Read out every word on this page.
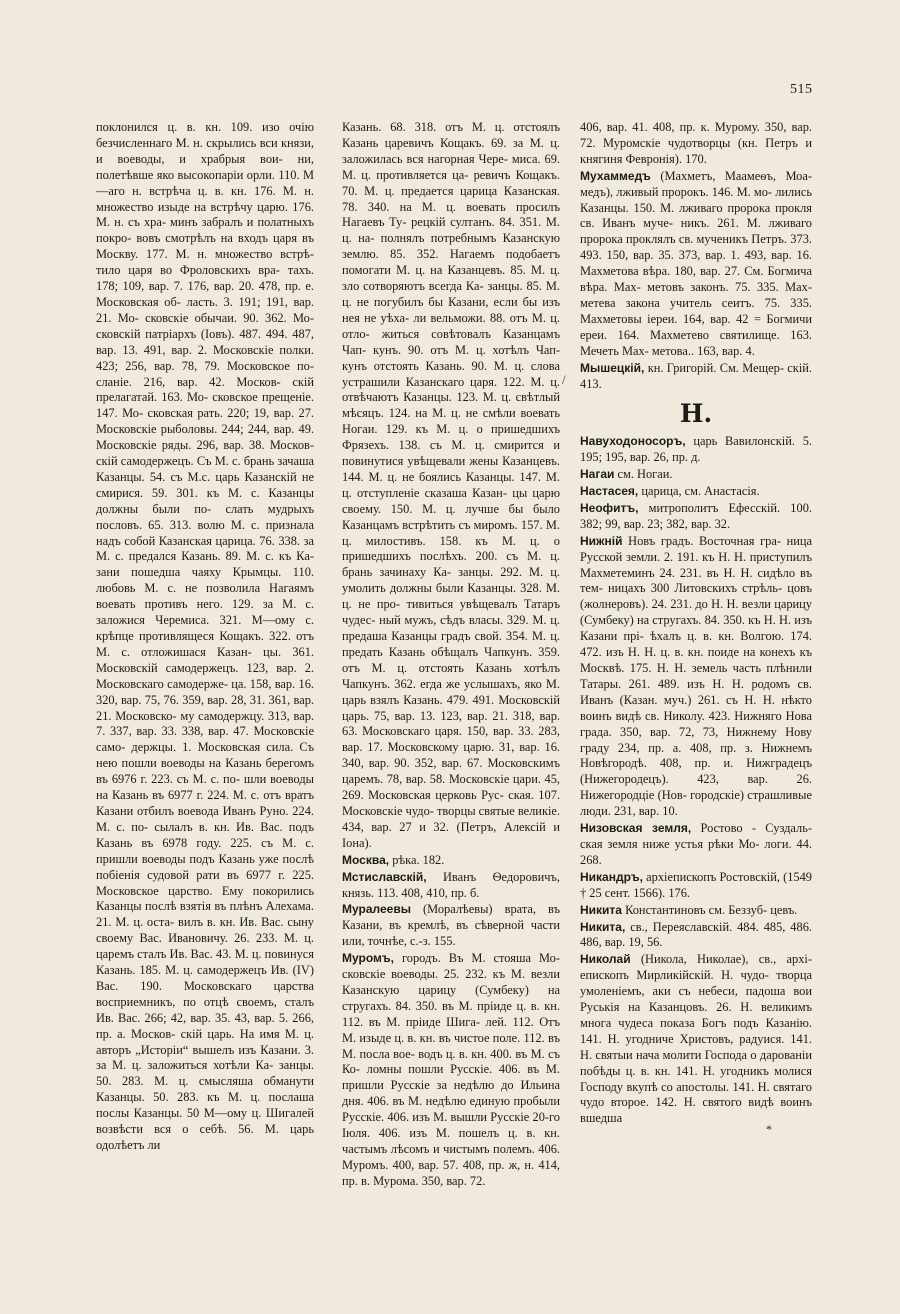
515

поклонился ц. в. кн. 109. изо очію безчисленнаго М. н. скрылись вси князи, и воеводы, и храбрыя вои- ни, полетѣвше яко высокопаріи орли. 110. М—аго н. встрѣча ц. в. кн. 176. М. н. множество изыде на встрѣчу царю. 176. М. н. съ хра- минъ забралъ и полатныхъ покро- вовъ смотрѣлъ на входъ царя въ Москву. 177. М. н. множество встрѣ- тило царя во Фроловскихъ вра- тахъ. 178; 109, вар. 7. 176, вар. 20. 478, пр. е. Московская об- ласть. 3. 191; 191, вар. 21. Мо- сковскіе обычаи. 90. 362. Мо- сковскій патріархъ (Іовъ). 487. 494. 487, вар. 13. 491, вар. 2. Московскіе полки. 423; 256, вар. 78, 79. Московское по- сланіе. 216, вар. 42. Москов- скій прелагатай. 163. Мо- сковское прещеніе. 147. Мо- сковская рать. 220; 19, вар. 27. Московскіе рыболовы. 244; 244, вар. 49. Московскіе ряды. 296, вар. 38. Москов- скій самодержецъ. Съ М. с. брань зачаша Казанцы. 54. съ М.с. царь Казанскій не смирися. 59. 301. къ М. с. Казанцы должны были по- слать мудрыхъ пословъ. 65. 313. волю М. с. признала надъ собой Казанская царица. 76. 338. за М. с. предался Казань. 89. М. с. къ Ка- зани пошедша чаяху Крымцы. 110. любовь М. с. не позволила Нагаямъ воевать противъ него. 129. за М. с. заложися Черемиса. 321. М—ому с. крѣпце противлящеся Кощакъ. 322. отъ М. с. отложишася Казан- цы. 361. Московскій самодержецъ. 123, вар. 2. Московскаго самодерже- ца. 158, вар. 16. 320, вар. 75, 76. 359, вар. 28, 31. 361, вар. 21. Московско- му самодержцу. 313, вар. 7. 337, вар. 33. 338, вар. 47. Московскіе само- держцы. 1. Московская сила. Съ нею пошли воеводы на Казань берегомъ въ 6976 г. 223. съ М. с. по- шли воеводы на Казань въ 6977 г. 224. М. с. отъ вратъ Казани отбилъ воевода Иванъ Руно. 224. М. с. по- сылалъ в. кн. Ив. Вас. подъ Казань въ 6978 году. 225. съ М. с. пришли воеводы подъ Казань уже послѣ побіенія судовой рати въ 6977 г. 225. Московское царство. Ему покорились Казанцы послѣ взятія въ плѣнъ Алехама. 21. М. ц. оста- вилъ в. кн. Ив. Вас. сыну своему Вас. Ивановичу. 26. 233. М. ц. царемъ сталъ Ив. Вас. 43. М. ц. повинуся Казань. 185. М. ц. самодержецъ Ив. (IV) Вас. 190. Московскаго царства восприемникъ, по отцѣ своемъ, сталъ Ив. Вас. 266; 42, вар. 35. 43, вар. 5. 266, пр. а. Москов- скій царь. На имя М. ц. авторъ „Исторіи“ вышелъ изъ Казани. 3. за М. ц. заложиться хотѣли Ка- занцы. 50. 283. М. ц. смысляша обманути Казанцы. 50. 283. къ М. ц. послаша послы Казанцы. 50 М—ому ц. Шигалей возвѣсти вся о себѣ. 56. М. царь одолѣетъ ли

Казань. 68. 318. отъ М. ц. отстоялъ Казань царевичъ Кощакъ. 69. за М. ц. заложилась вся нагорная Чере- миса. 69. М. ц. противляется ца- ревичъ Кощакъ. 70. М. ц. предается царица Казанская. 78. 340. на М. ц. воевать просилъ Нагаевъ Ту- рецкій султанъ. 84. 351. М. ц. на- полнялъ потребнымъ Казанскую землю. 85. 352. Нагаемъ подобаетъ помогати М. ц. на Казанцевъ. 85. М. ц. зло сотворяютъ всегда Ка- занцы. 85. М. ц. не погубилъ бы Казани, если бы изъ нея не уѣха- ли вельможи. 88. отъ М. ц. отло- житься совѣтовалъ Казанцамъ Чап- кунъ. 90. отъ М. ц. хотѣлъ Чап- кунъ отстоять Казань. 90. М. ц. слова устрашили Казанскаго царя. 122. М. ц. отвѣчаютъ Казанцы. 123. М. ц. свѣтлый мѣсяцъ. 124. на М. ц. не смѣли воевать Ногаи. 129. къ М. ц. о пришедшихъ Фрязехъ. 138. съ М. ц. смирится и повинутися увѣщевали жены Казанцевъ. 144. М. ц. не боялись Казанцы. 147. М. ц. отступленіе сказаша Казан- цы царю своему. 150. М. ц. лучше бы было Казанцамъ встрѣтить съ миромъ. 157. М. ц. милостивъ. 158. къ М. ц. о пришедшихъ послѣхъ. 200. съ М. ц. брань зачинаху Ка- занцы. 292. М. ц. умолить должны были Казанцы. 328. М. ц. не про- тивиться увѣщевалъ Татаръ чудес- ный мужъ, сѣдъ власы. 329. М. ц. предаша Казанцы градъ свой. 354. М. ц. предать Казань обѣщалъ Чапкунъ. 359. отъ М. ц. отстоять Казань хотѣлъ Чапкунъ. 362. егда же услышахъ, яко М. царь взялъ Казань. 479. 491. Московскій царь. 75, вар. 13. 123, вар. 21. 318, вар. 63. Московскаго царя. 150, вар. 33. 283, вар. 17. Московскому царю. 31, вар. 16. 340, вар. 90. 352, вар. 67. Московскимъ царемъ. 78, вар. 58. Московскіе цари. 45, 269. Московская церковь Рус- ская. 107. Московскіе чудо- творцы святые великіе. 434, вар. 27 и 32. (Петръ, Алексій и Іона).

Москва, рѣка. 182.

Мстиславскій, Иванъ Ѳедоровичъ, князь. 113. 408, 410, пр. б.

Муралеевы (Моралѣевы) врата, въ Казани, въ кремлѣ, въ сѣверной части или, точнѣе, с.-з. 155.

Муромъ, городъ. Въ М. стояша Мо- сковскіе воеводы. 25. 232. къ М. везли Казанскую царицу (Сумбеку) на стругахъ. 84. 350. въ М. пріиде ц. в. кн. 112. въ М. пріиде Шига- лей. 112. Отъ М. изыде ц. в. кн. въ чистое поле. 112. въ М. посла вое- водъ ц. в. кн. 400. въ М. съ Ко- ломны пошли Русскіе. 406. въ М. пришли Русскіе за недѣлю до Ильина дня. 406. въ М. недѣлю единую пробыли Русскіе. 406. изъ М. вышли Русскіе 20-го Іюля. 406. изъ М. пошелъ ц. в. кн. частымъ лѣсомъ и чистымъ полемъ. 406. Муромъ. 400, вар. 57. 408, пр. ж, н. 414, пр. в. Мурома. 350, вар. 72.

406, вар. 41. 408, пр. к. Мурому. 350, вар. 72. Муромскіе чудотворцы (кн. Петръ и княгиня Февронія). 170.

Мухаммедъ (Махметъ, Маамеѳъ, Моа- медъ), лживый пророкъ. 146. М. мо- лились Казанцы. 150. М. лживаго пророка прокля св. Иванъ муче- никъ. 261. М. лживаго пророка проклялъ св. мученикъ Петръ. 373. 493. 150, вар. 35. 373, вар. 1. 493, вар. 16. Махметова вѣра. 180, вар. 27. См. Богмича вѣра. Мах- метовъ законъ. 75. 335. Мах- метева закона учитель сеитъ. 75. 335. Махметовы іереи. 164, вар. 42 = Богмичи ереи. 164. Махметево святилище. 163. Мечеть Мах- метова.. 163, вар. 4.

Мышецкій, кн. Григорій. См. Мещер- скій. 413.

Н.

Навуходоносоръ, царь Вавилонскій. 5. 195; 195, вар. 26, пр. д.

Нагаи см. Ногаи.

Настасея, царица, см. Анастасія.

Неофитъ, митрополитъ Ефесскій. 100. 382; 99, вар. 23; 382, вар. 32.

Нижній Новъ градъ. Восточная гра- ница Русской земли. 2. 191. къ Н. Н. приступилъ Махметеминъ 24. 231. въ Н. Н. сидѣло въ тем- ницахъ 300 Литовскихъ стрѣль- цовъ (жолнеровъ). 24. 231. до Н. Н. везли царицу (Сумбеку) на стругахъ. 84. 350. къ Н. Н. изъ Казани прі- ѣхалъ ц. в. кн. Волгою. 174. 472. изъ Н. Н. ц. в. кн. поиде на конехъ къ Москвѣ. 175. Н. Н. земель часть плѣнили Татары. 261. 489. изъ Н. Н. родомъ св. Иванъ (Казан. муч.) 261. съ Н. Н. нѣкто воинъ видѣ св. Николу. 423. Нижняго Нова града. 350, вар. 72, 73, Нижнему Нову граду 234, пр. а. 408, пр. з. Нижнемъ Новѣгородѣ. 408, пр. и. Нижградецъ (Нижегородецъ). 423, вар. 26. Нижегородціе (Нов- городскіе) страшливые люди. 231, вар. 10.

Низовская земля, Ростово - Суздаль- ская земля ниже устья рѣки Мо- логи. 44. 268.

Никандръ, архіепископъ Ростовскій, (1549 † 25 сент. 1566). 176.

Никита Константиновъ см. Беззуб- цевъ.

Никита, св., Переяславскій. 484. 485, 486. 486, вар. 19, 56.

Николай (Никола, Николае), св., архі- епископъ Мирликійскій. Н. чудо- творца умоленіемъ, аки съ небеси, падоша вои Руськія на Казанцовъ. 26. Н. великимъ многа чудеса показа Богъ подъ Казанію. 141. Н. угодниче Христовъ, радуися. 141. Н. святыи нача молити Господа о дарованіи побѣды ц. в. кн. 141. Н. угодникъ молися Господу вкупѣ со апостолы. 141. Н. святаго чудо второе. 142. Н. святого видѣ воинъ вшедша

/
*
